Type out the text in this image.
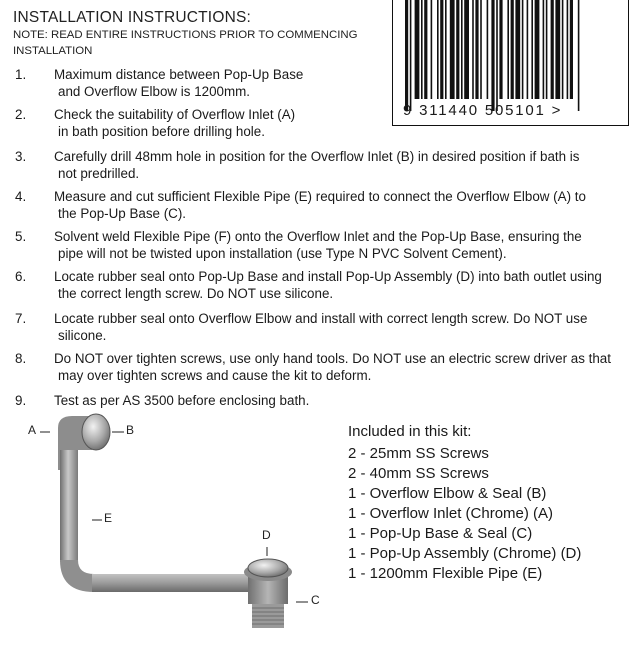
INSTALLATION INSTRUCTIONS:
NOTE: READ ENTIRE INSTRUCTIONS PRIOR TO COMMENCING INSTALLATION
9 311440 505101 >
1. Maximum distance between Pop-Up Base
and Overflow Elbow is 1200mm.
2. Check the suitability of Overflow Inlet (A)
in bath position before drilling hole.
3. Carefully drill 48mm hole in position for the Overflow Inlet (B) in desired position if bath is
not predrilled.
4. Measure and cut sufficient Flexible Pipe (E) required to connect the Overflow Elbow (A) to
the Pop-Up Base (C).
5. Solvent weld Flexible Pipe (F) onto the Overflow Inlet and the Pop-Up Base, ensuring the
pipe will not be twisted upon installation (use Type N PVC Solvent Cement).
6. Locate rubber seal onto Pop-Up Base and install Pop-Up Assembly (D) into bath outlet using
the correct length screw. Do NOT use silicone.
7. Locate rubber seal onto Overflow Elbow and install with correct length screw. Do NOT use
silicone.
8. Do NOT over tighten screws, use only hand tools. Do NOT use an electric screw driver as that
may over tighten screws and cause the kit to deform.
9. Test as per AS 3500 before enclosing bath.
Included in this kit:
2 - 25mm SS Screws
2 - 40mm SS Screws
1 - Overflow Elbow & Seal (B)
1 - Overflow Inlet (Chrome) (A)
1 - Pop-Up Base & Seal (C)
1 - Pop-Up Assembly (Chrome) (D)
1 - 1200mm Flexible Pipe (E)
A	B
E
D
C
